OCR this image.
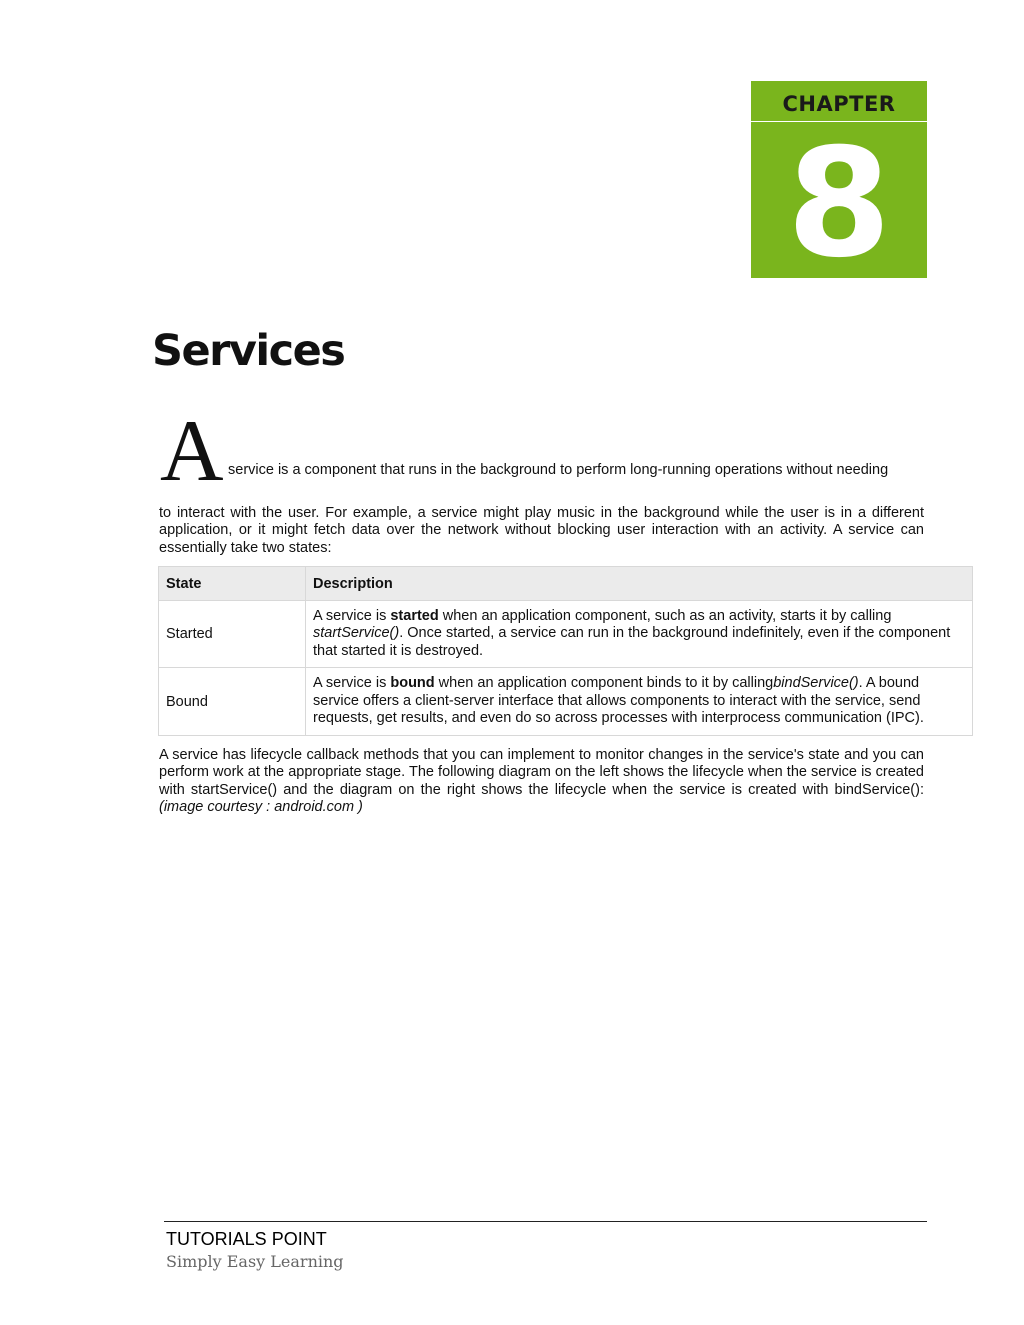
CHAPTER
8
Services
A service is a component that runs in the background to perform long-running operations without needing
to interact with the user. For example, a service might play music in the background while the user is in a different application, or it might fetch data over the network without blocking user interaction with an activity. A service can essentially take two states:
State	Description
Started	A service is started when an application component, such as an activity, starts it by calling startService(). Once started, a service can run in the background indefinitely, even if the component that started it is destroyed.
Bound	A service is bound when an application component binds to it by callingbindService(). A bound service offers a client-server interface that allows components to interact with the service, send requests, get results, and even do so across processes with interprocess communication (IPC).
A service has lifecycle callback methods that you can implement to monitor changes in the service's state and you can perform work at the appropriate stage. The following diagram on the left shows the lifecycle when the service is created with startService() and the diagram on the right shows the lifecycle when the service is created with bindService(): (image courtesy : android.com )
TUTORIALS POINT
Simply Easy Learning
